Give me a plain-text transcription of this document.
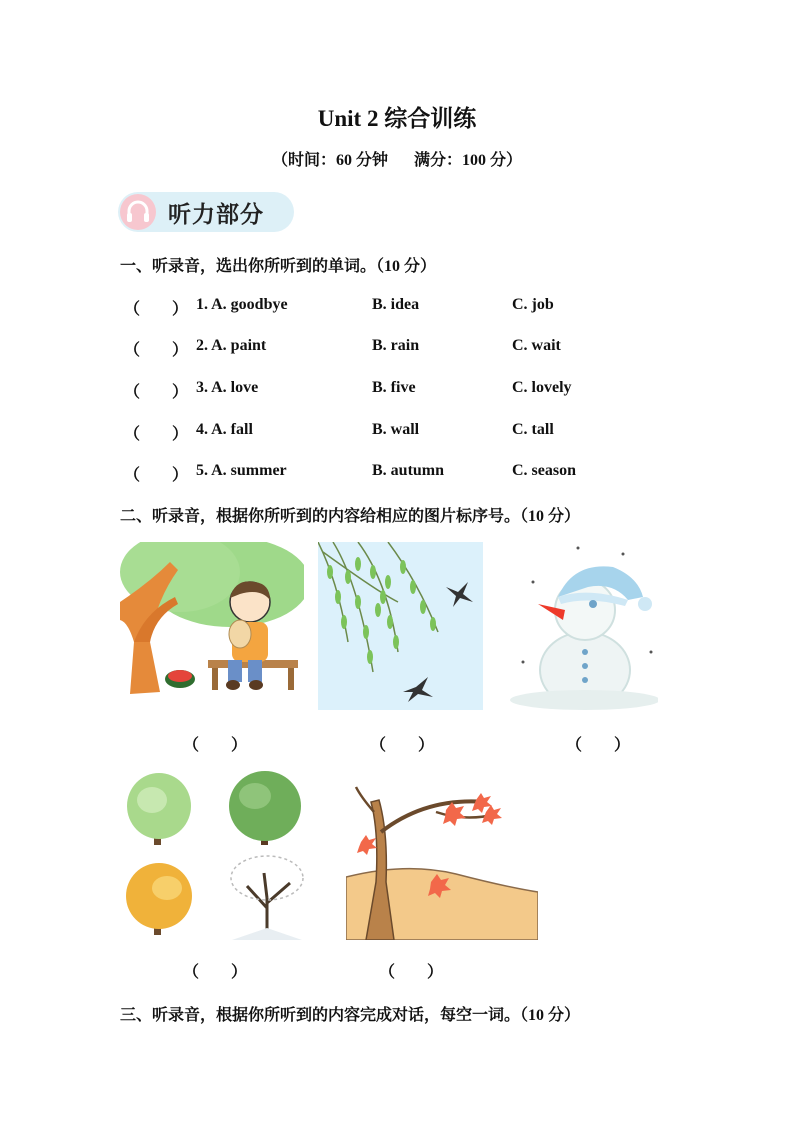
Unit 2 综合训练
（时间：60 分钟 满分：100 分）
听力部分
一、听录音，选出你所听到的单词。（10 分）
（　　） 1. A. goodbye	B. idea	C. job
（　　） 2. A. paint	B. rain	C. wait
（　　） 3. A. love	B. five	C. lovely
（　　） 4. A. fall	B. wall	C. tall
（　　） 5. A. summer	B. autumn	C. season
二、听录音，根据你所听到的内容给相应的图片标序号。（10 分）
（　　）	（　　）	（　　）
（　　）	（　　）
三、听录音，根据你所听到的内容完成对话，每空一词。（10 分）
